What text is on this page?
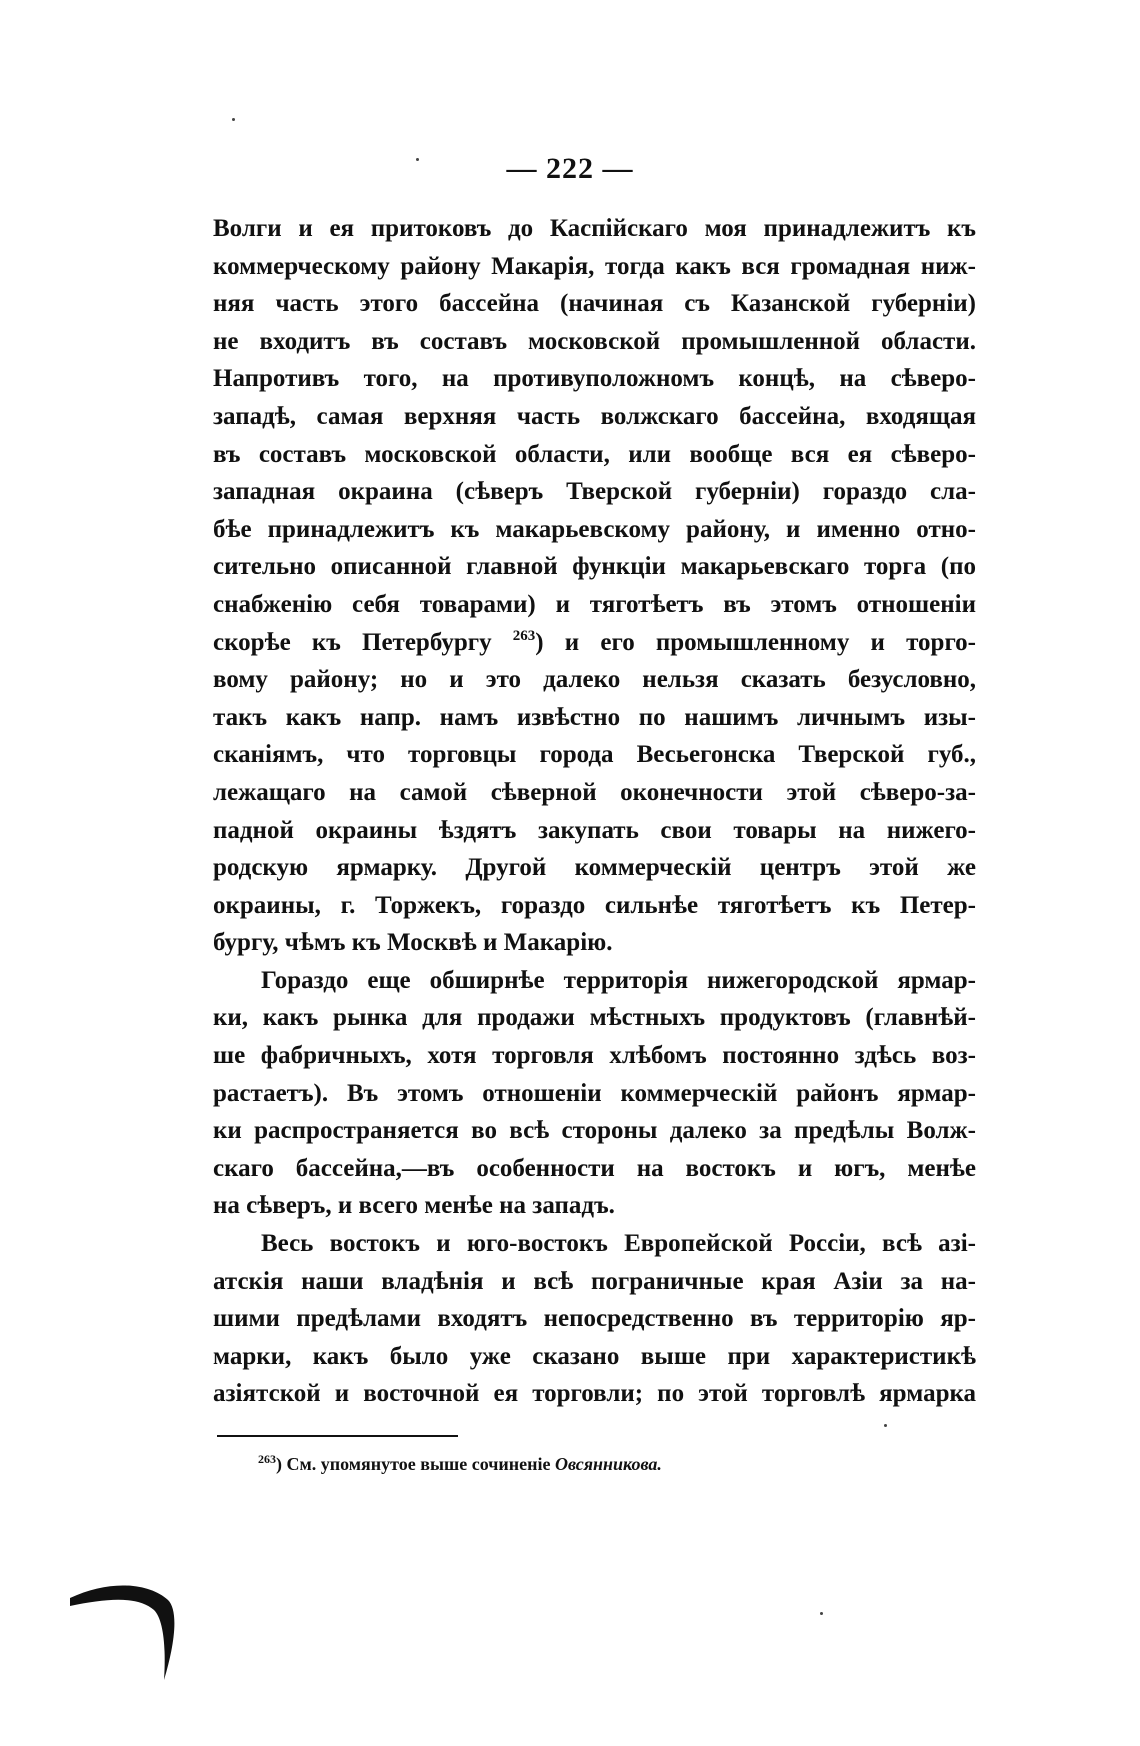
— 222 —

Волги и ея притоковъ до Каспійскаго моя принадлежитъ къ
коммерческому району Макарія, тогда какъ вся громадная ниж-
няя часть этого бассейна (начиная съ Казанской губерніи)
не входитъ въ составъ московской промышленной области.
Напротивъ того, на противуположномъ концѣ, на сѣверо-
западѣ, самая верхняя часть волжскаго бассейна, входящая
въ составъ московской области, или вообще вся ея сѣверо-
западная окраина (сѣверъ Тверской губерніи) гораздо сла-
бѣе принадлежитъ къ макарьевскому району, и именно отно-
сительно описанной главной функціи макарьевскаго торга (по
снабженію себя товарами) и тяготѣетъ въ этомъ отношеніи
скорѣе къ Петербургу $^{263}$) и его промышленному и торго-
вому району; но и это далеко нельзя сказать безусловно,
такъ какъ напр. намъ извѣстно по нашимъ личнымъ изы-
сканіямъ, что торговцы города Весьегонска Тверской губ.,
лежащаго на самой сѣверной оконечности этой сѣверо-за-
падной окраины ѣздятъ закупать свои товары на нижего-
родскую ярмарку. Другой коммерческій центръ этой же
окраины, г. Торжекъ, гораздо сильнѣе тяготѣетъ къ Петер-
бургу, чѣмъ къ Москвѣ и Макарію.

Гораздо еще обширнѣе территорія нижегородской ярмар-
ки, какъ рынка для продажи мѣстныхъ продуктовъ (главнѣй-
ше фабричныхъ, хотя торговля хлѣбомъ постоянно здѣсь воз-
растаетъ). Въ этомъ отношеніи коммерческій районъ ярмар-
ки распространяется во всѣ стороны далеко за предѣлы Волж-
скаго бассейна,—въ особенности на востокъ и югъ, менѣе
на сѣверъ, и всего менѣе на западъ.

Весь востокъ и юго-востокъ Европейской Россіи, всѣ азі-
атскія наши владѣнія и всѣ пограничные края Азіи за на-
шими предѣлами входятъ непосредственно въ территорію яр-
марки, какъ было уже сказано выше при характеристикѣ
азіятской и восточной ея торговли; по этой торговлѣ ярмарка

$^{263}$) См. упомянутое выше сочиненіе Овсянникова.
